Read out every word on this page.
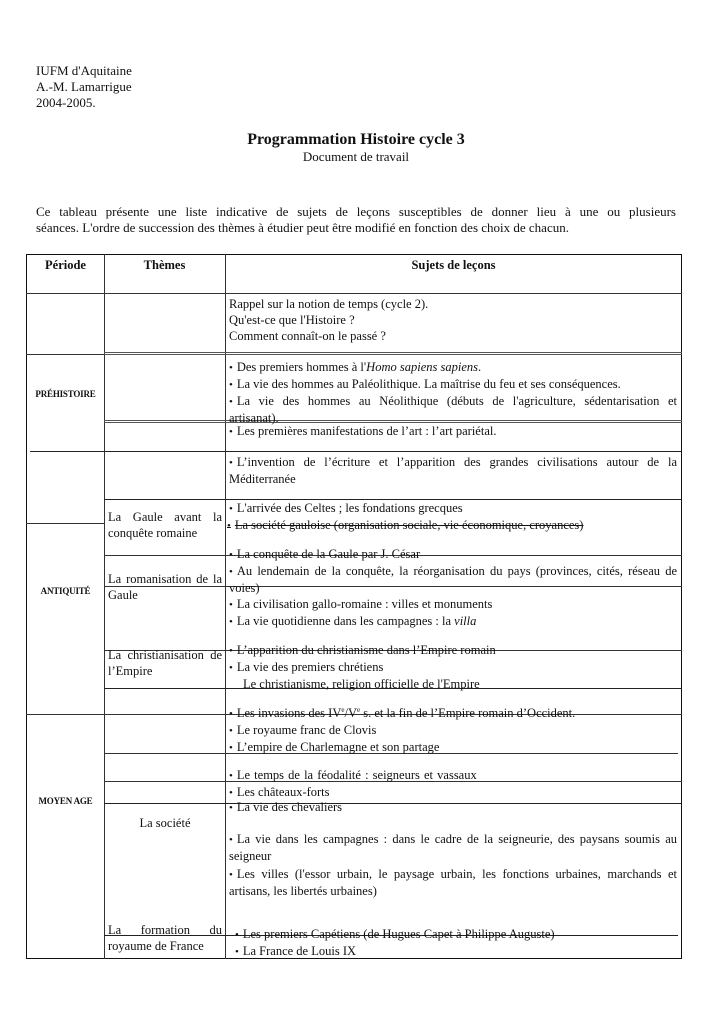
IUFM d'Aquitaine
A.-M. Lamarrigue
2004-2005.
Programmation Histoire cycle 3
Document de travail
Ce tableau présente une liste indicative de sujets de leçons susceptibles de donner lieu à une ou plusieurs
séances. L'ordre de succession des thèmes à étudier peut être modifié en fonction des choix de chacun.
Période	Thèmes	Sujets de leçons
Rappel sur la notion de temps (cycle 2).
Qu'est-ce que l'Histoire ?
Comment connaît-on le passé ?
PRÉHISTOIRE
• Des premiers hommes à l'Homo sapiens sapiens.
• La vie des hommes au Paléolithique. La maîtrise du feu et ses conséquences.
• La vie des hommes au Néolithique (débuts de l'agriculture, sédentarisation et artisanat).
• Les premières manifestations de l’art : l’art pariétal.
ANTIQUITÉ
• L’invention de l’écriture et l’apparition des grandes civilisations autour de la Méditerranée
La Gaule avant la conquête romaine
• L'arrivée des Celtes ; les fondations grecques
• La société gauloise (organisation sociale, vie économique, croyances)
La romanisation de la Gaule
• La conquête de la Gaule par J. César
• Au lendemain de la conquête, la réorganisation du pays (provinces, cités, réseau de voies)
• La civilisation gallo-romaine : villes et monuments
• La vie quotidienne dans les campagnes : la villa
La christianisation de l’Empire
• L’apparition du christianisme dans l’Empire romain
• La vie des premiers chrétiens
Le christianisme, religion officielle de l'Empire
MOYEN AGE
• Les invasions des IVe/Ve s. et la fin de l’Empire romain d’Occident.
• Le royaume franc de Clovis
• L’empire de Charlemagne et son partage
• Le temps de la féodalité : seigneurs et vassaux
• Les châteaux-forts
• La vie des chevaliers
La société
• La vie dans les campagnes : dans le cadre de la seigneurie, des paysans soumis au seigneur
• Les villes (l'essor urbain, le paysage urbain, les fonctions urbaines, marchands et artisans, les libertés urbaines)
La formation du royaume de France
• Les premiers Capétiens (de Hugues Capet à Philippe Auguste)
• La France de Louis IX
